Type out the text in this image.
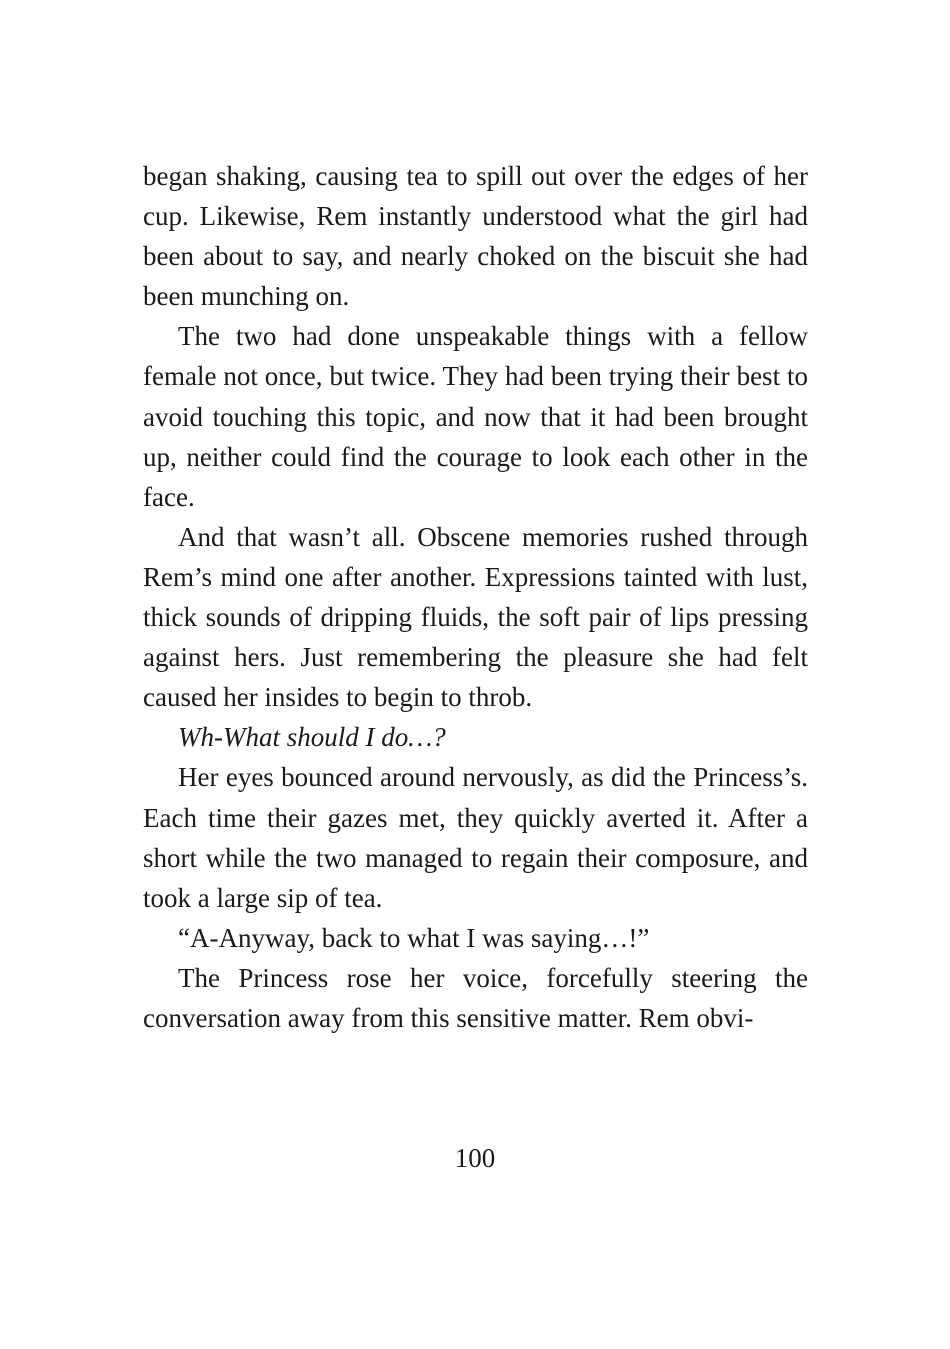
began shaking, causing tea to spill out over the edges of her cup. Likewise, Rem instantly understood what the girl had been about to say, and nearly choked on the biscuit she had been munching on.

The two had done unspeakable things with a fellow female not once, but twice. They had been trying their best to avoid touching this topic, and now that it had been brought up, neither could find the courage to look each other in the face.

And that wasn’t all. Obscene memories rushed through Rem’s mind one after another. Expressions tainted with lust, thick sounds of dripping fluids, the soft pair of lips pressing against hers. Just remembering the pleasure she had felt caused her insides to begin to throb.

Wh-What should I do…?

Her eyes bounced around nervously, as did the Princess’s. Each time their gazes met, they quickly averted it. After a short while the two managed to regain their composure, and took a large sip of tea.

“A-Anyway, back to what I was saying…!”

The Princess rose her voice, forcefully steering the conversation away from this sensitive matter. Rem obvi-

100
